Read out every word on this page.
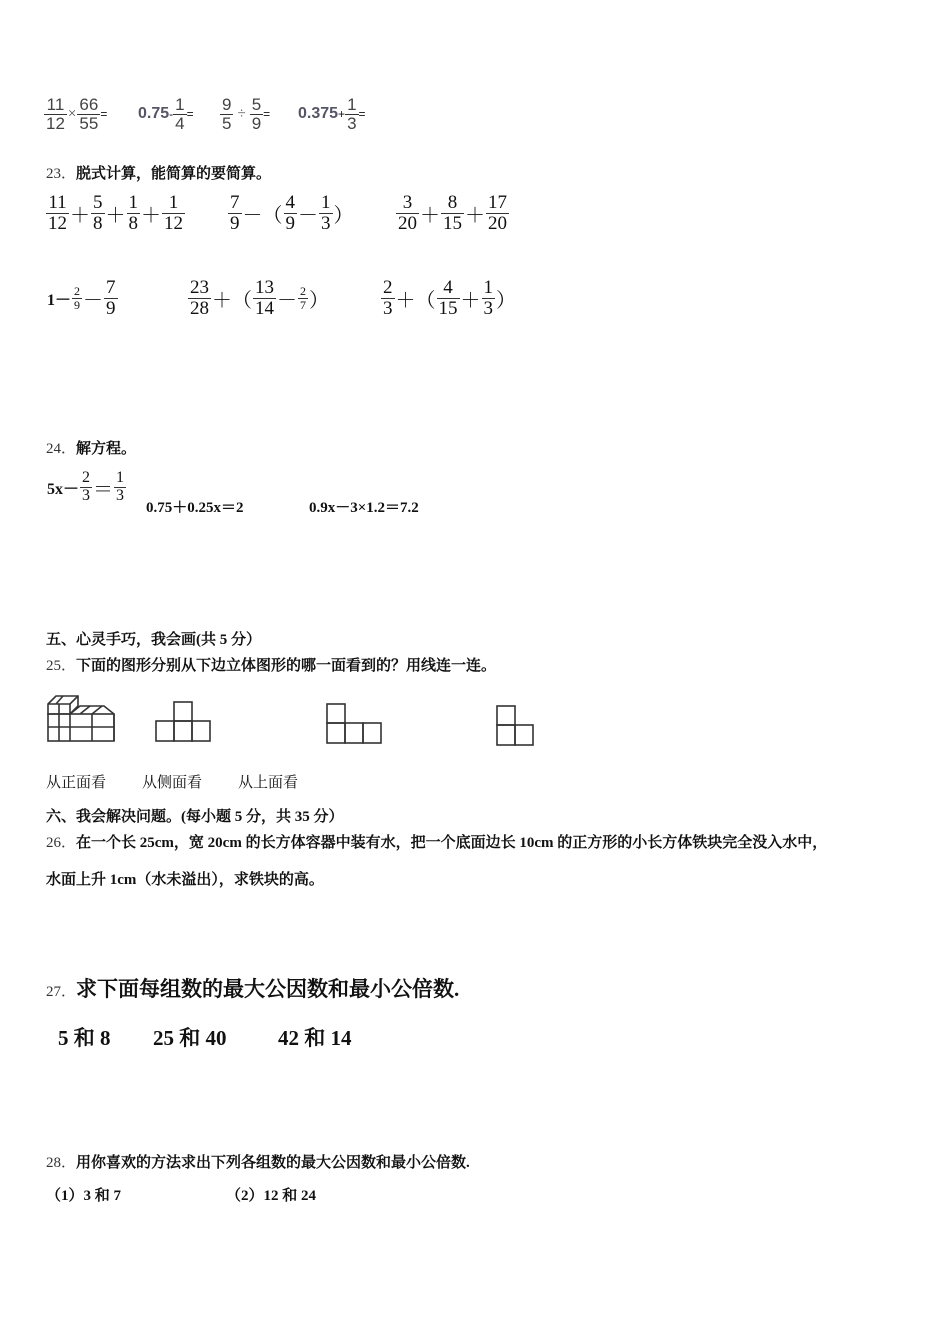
$\frac{11}{12} \times \frac{66}{55} = 0.75 - \frac{1}{4} = \frac{9}{5} \div \frac{5}{9} = 0.375 + \frac{1}{3}$ =
23．脱式计算，能简算的要简算。
$\frac{11}{12} + \frac{5}{8} + \frac{1}{8} + \frac{1}{12} \frac{7}{9}$ －（ $\frac{4}{9} - \frac{1}{3}$ ） $\frac{3}{20} + \frac{8}{15} + \frac{17}{20}$
$1- \frac{2}{9} - \frac{7}{9}$	$\frac{23}{28}$ ＋（ $\frac{13}{14} - \frac{2}{7}$ ）	$\frac{2}{3}$ ＋（ $\frac{4}{15} + \frac{1}{3}$ ）
24．解方程。
$5x- \frac{2}{3} = \frac{1}{3}$
0.75＋0.25x＝2	0.9x－3×1.2＝7.2
五、心灵手巧，我会画(共 5 分）
25．下面的图形分别从下边立体图形的哪一面看到的？用线连一连。
从正面看 从侧面看 从上面看
六、我会解决问题。(每小题 5 分，共 35 分）
26．在一个长 25cm，宽 20cm 的长方体容器中装有水，把一个底面边长 10cm 的正方形的小长方体铁块完全没入水中，
水面上升 1cm（水未溢出），求铁块的高。
27．求下面每组数的最大公因数和最小公倍数.
5 和 8 25 和 40 42 和 14
28．用你喜欢的方法求出下列各组数的最大公因数和最小公倍数.
（1）3 和 7	（2）12 和 24
